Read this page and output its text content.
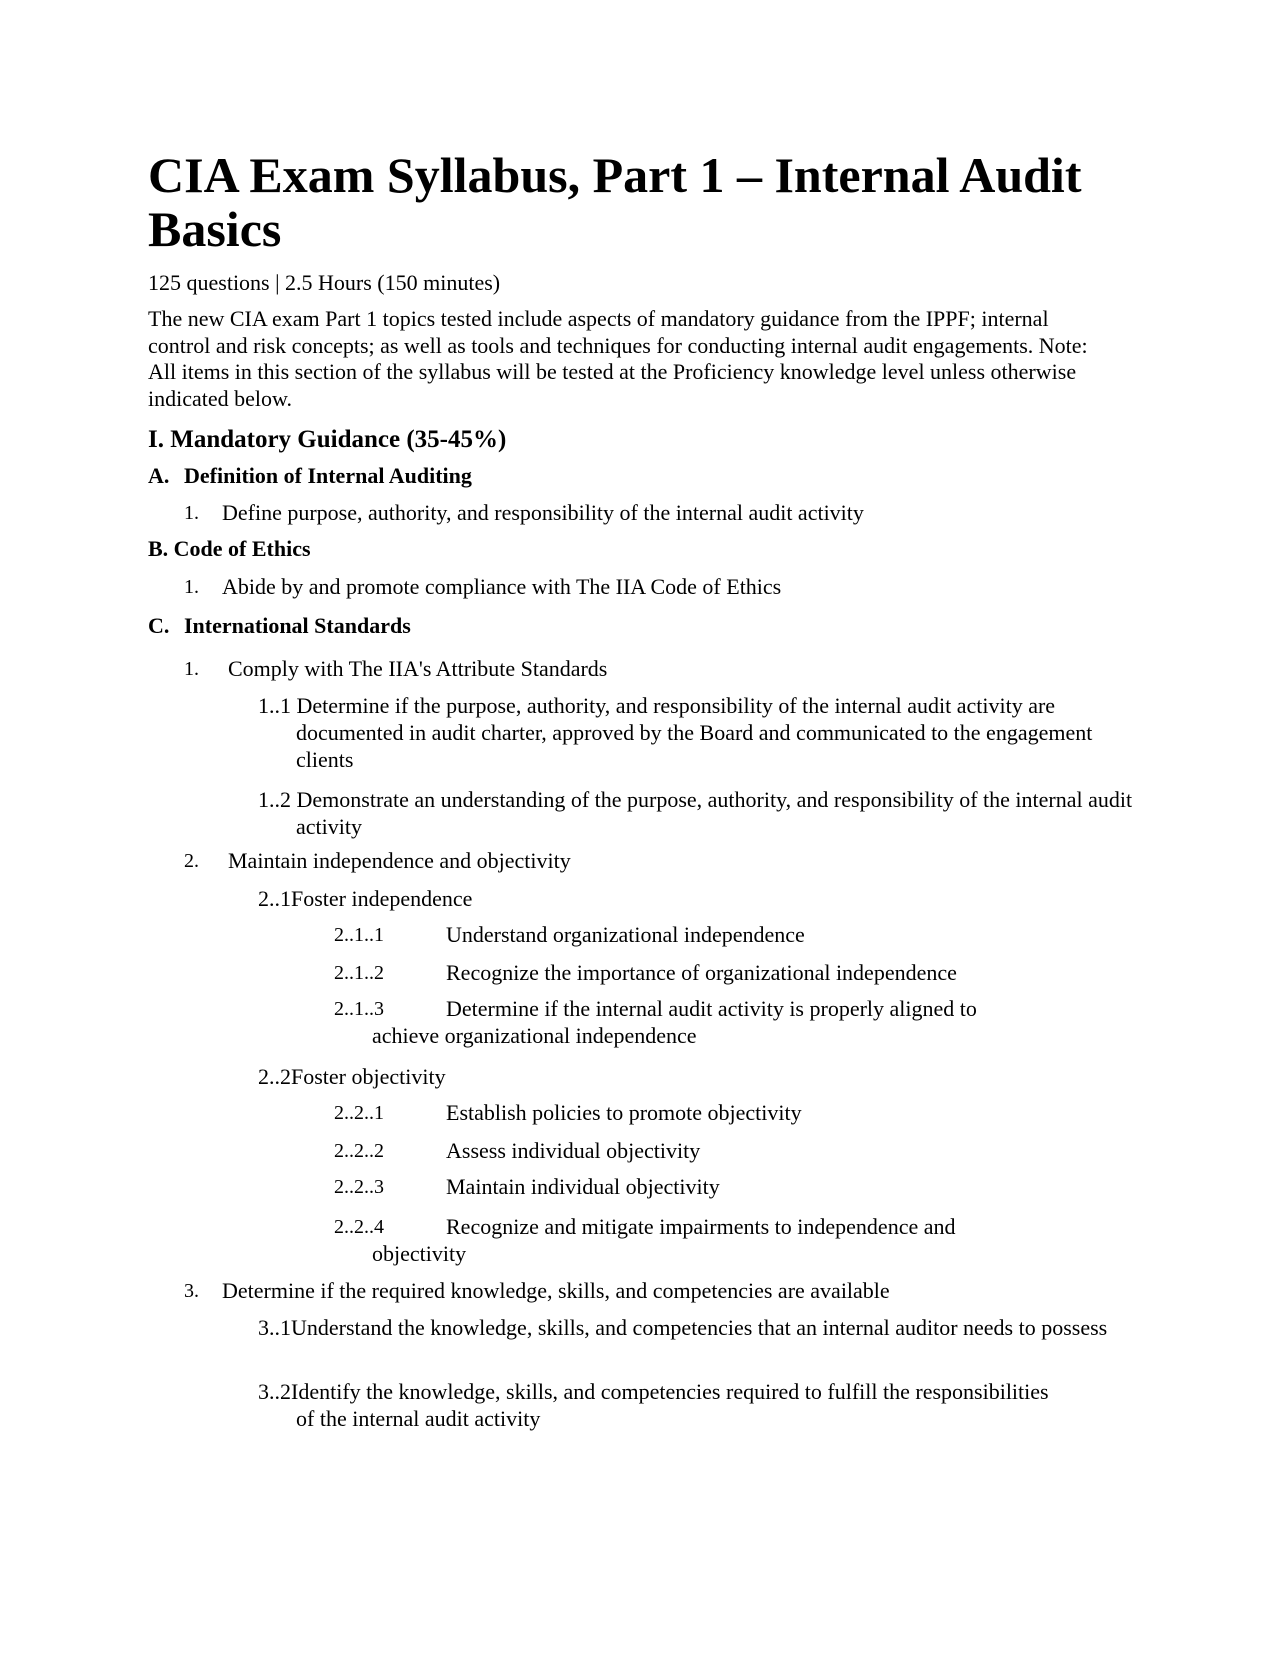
CIA Exam Syllabus, Part 1 – Internal Audit Basics
125 questions | 2.5 Hours (150 minutes)
The new CIA exam Part 1 topics tested include aspects of mandatory guidance from the IPPF; internal control and risk concepts; as well as tools and techniques for conducting internal audit engagements. Note: All items in this section of the syllabus will be tested at the Proficiency knowledge level unless otherwise indicated below.
I. Mandatory Guidance (35-45%)
A. Definition of Internal Auditing
1. Define purpose, authority, and responsibility of the internal audit activity
B. Code of Ethics
1. Abide by and promote compliance with The IIA Code of Ethics
C. International Standards
1. Comply with The IIA's Attribute Standards
1..1 Determine if the purpose, authority, and responsibility of the internal audit activity are documented in audit charter, approved by the Board and communicated to the engagement clients
1..2 Demonstrate an understanding of the purpose, authority, and responsibility of the internal audit activity
2. Maintain independence and objectivity
2..1Foster independence
2..1..1	Understand organizational independence
2..1..2	Recognize the importance of organizational independence
2..1..3	Determine if the internal audit activity is properly aligned to
achieve organizational independence
2..2Foster objectivity
2..2..1	Establish policies to promote objectivity
2..2..2	Assess individual objectivity
2..2..3	Maintain individual objectivity
2..2..4	Recognize and mitigate impairments to independence and
objectivity
3. Determine if the required knowledge, skills, and competencies are available
3..1Understand the knowledge, skills, and competencies that an internal auditor needs to possess
3..2Identify the knowledge, skills, and competencies required to fulfill the responsibilities of the internal audit activity
